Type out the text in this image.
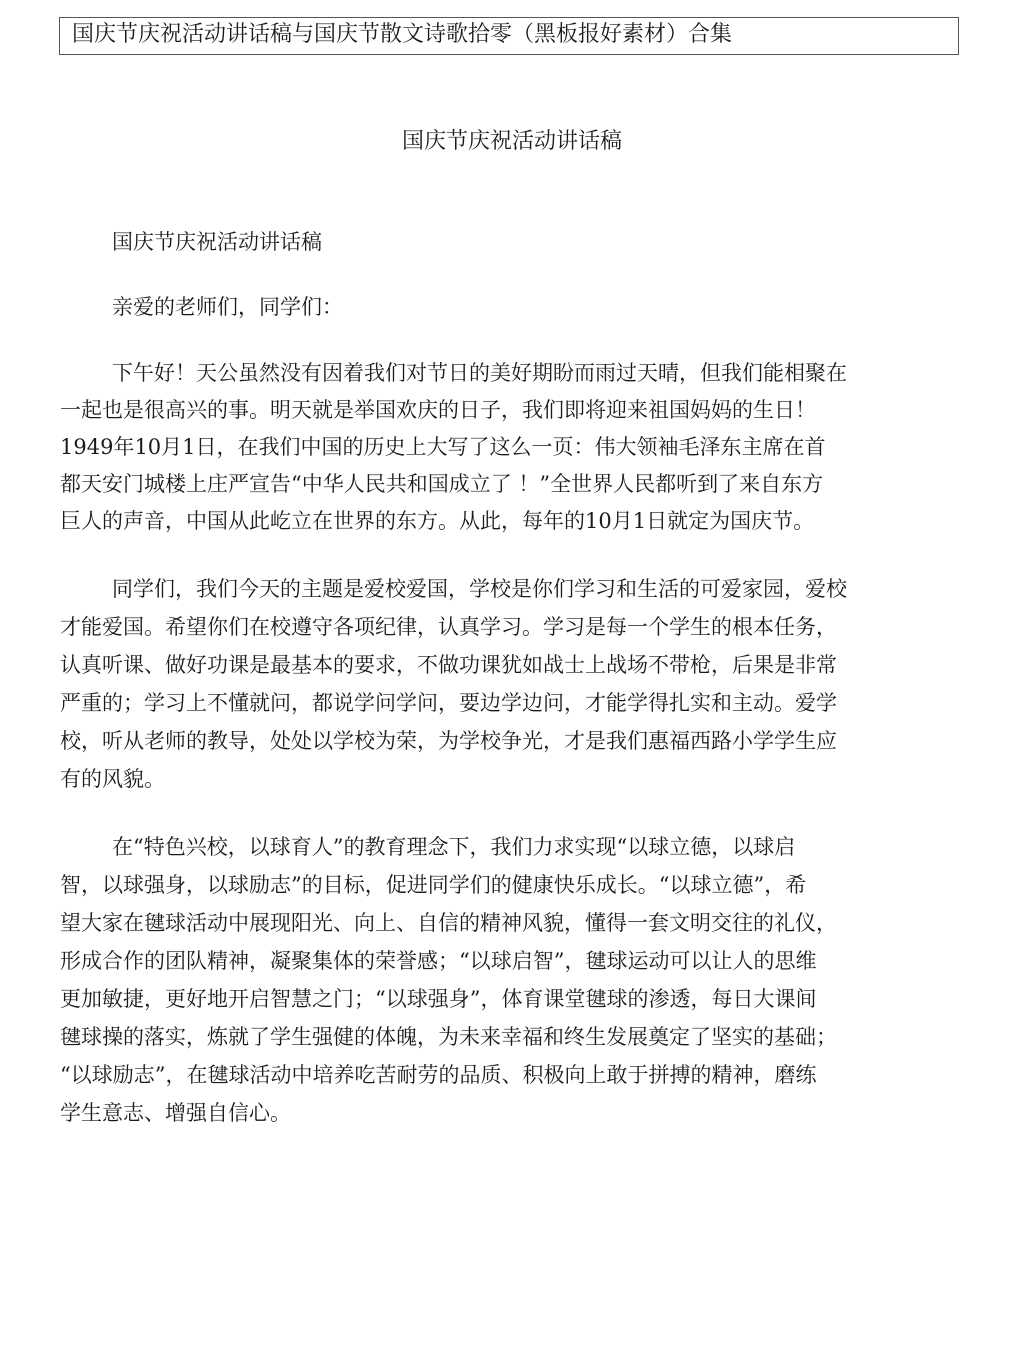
国庆节庆祝活动讲话稿与国庆节散文诗歌拾零（黑板报好素材）合集
国庆节庆祝活动讲话稿

国庆节庆祝活动讲话稿

亲爱的老师们，同学们：

下午好！天公虽然没有因着我们对节日的美好期盼而雨过天晴，但我们能相聚在
一起也是很高兴的事。明天就是举国欢庆的日子，我们即将迎来祖国妈妈的生日！
1949年10月1日，在我们中国的历史上大写了这么一页：伟大领袖毛泽东主席在首
都天安门城楼上庄严宣告“中华人民共和国成立了 ！”全世界人民都听到了来自东方
巨人的声音，中国从此屹立在世界的东方。从此，每年的10月1日就定为国庆节。
同学们，我们今天的主题是爱校爱国，学校是你们学习和生活的可爱家园，爱校
才能爱国。希望你们在校遵守各项纪律，认真学习。学习是每一个学生的根本任务，
认真听课、做好功课是最基本的要求，不做功课犹如战士上战场不带枪，后果是非常
严重的；学习上不懂就问，都说学问学问，要边学边问，才能学得扎实和主动。爱学
校，听从老师的教导，处处以学校为荣，为学校争光，才是我们惠福西路小学学生应
有的风貌。
在“特色兴校，以球育人”的教育理念下，我们力求实现“以球立德，以球启
智，以球强身，以球励志”的目标，促进同学们的健康快乐成长。“以球立德”，希
望大家在毽球活动中展现阳光、向上、自信的精神风貌，懂得一套文明交往的礼仪，
形成合作的团队精神，凝聚集体的荣誉感；“以球启智”，毽球运动可以让人的思维
更加敏捷，更好地开启智慧之门；“以球强身”，体育课堂毽球的渗透，每日大课间
毽球操的落实，炼就了学生强健的体魄，为未来幸福和终生发展奠定了坚实的基础；
“以球励志”，在毽球活动中培养吃苦耐劳的品质、积极向上敢于拼搏的精神，磨练
学生意志、增强自信心。
